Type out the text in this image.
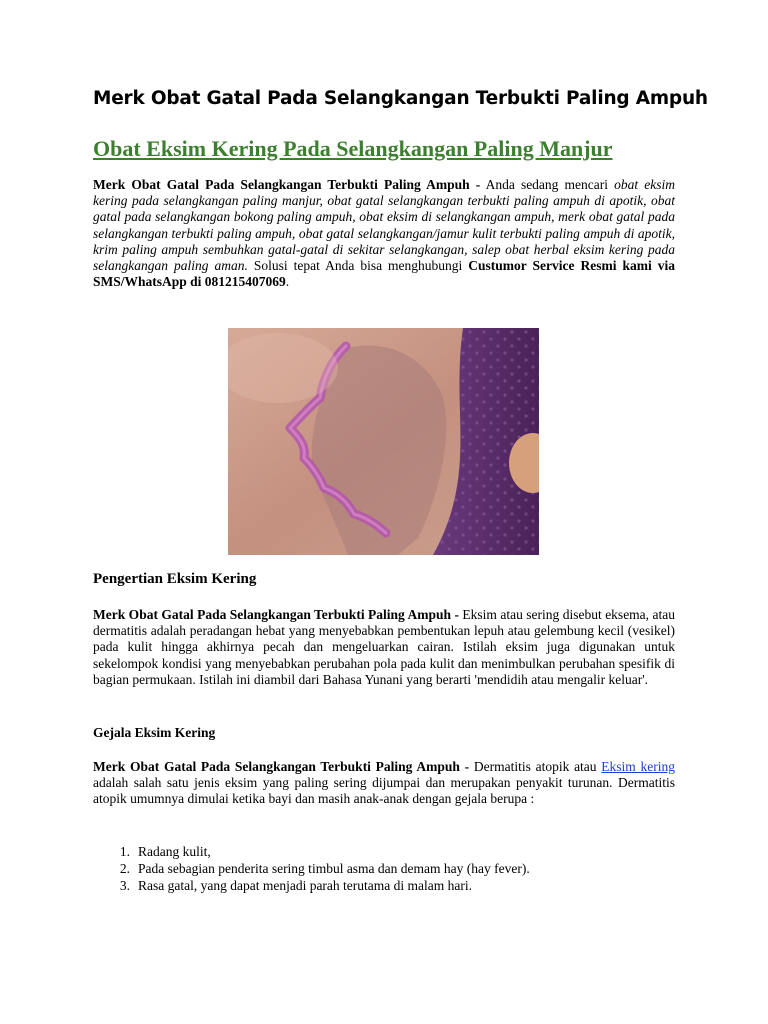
Merk Obat Gatal Pada Selangkangan Terbukti Paling Ampuh
Obat Eksim Kering Pada Selangkangan Paling Manjur
Merk Obat Gatal Pada Selangkangan Terbukti Paling Ampuh - Anda sedang mencari obat eksim kering pada selangkangan paling manjur, obat gatal selangkangan terbukti paling ampuh di apotik, obat gatal pada selangkangan bokong paling ampuh, obat eksim di selangkangan ampuh, merk obat gatal pada selangkangan terbukti paling ampuh, obat gatal selangkangan/jamur kulit terbukti paling ampuh di apotik, krim paling ampuh sembuhkan gatal-gatal di sekitar selangkangan, salep obat herbal eksim kering pada selangkangan paling aman. Solusi tepat Anda bisa menghubungi Custumor Service Resmi kami via SMS/WhatsApp di 081215407069.
Pengertian Eksim Kering
Merk Obat Gatal Pada Selangkangan Terbukti Paling Ampuh - Eksim atau sering disebut eksema, atau dermatitis adalah peradangan hebat yang menyebabkan pembentukan lepuh atau gelembung kecil (vesikel) pada kulit hingga akhirnya pecah dan mengeluarkan cairan. Istilah eksim juga digunakan untuk sekelompok kondisi yang menyebabkan perubahan pola pada kulit dan menimbulkan perubahan spesifik di bagian permukaan. Istilah ini diambil dari Bahasa Yunani yang berarti 'mendidih atau mengalir keluar'.
Gejala Eksim Kering
Merk Obat Gatal Pada Selangkangan Terbukti Paling Ampuh - Dermatitis atopik atau Eksim kering adalah salah satu jenis eksim yang paling sering dijumpai dan merupakan penyakit turunan. Dermatitis atopik umumnya dimulai ketika bayi dan masih anak-anak dengan gejala berupa :
1. Radang kulit,
2. Pada sebagian penderita sering timbul asma dan demam hay (hay fever).
3. Rasa gatal, yang dapat menjadi parah terutama di malam hari.
